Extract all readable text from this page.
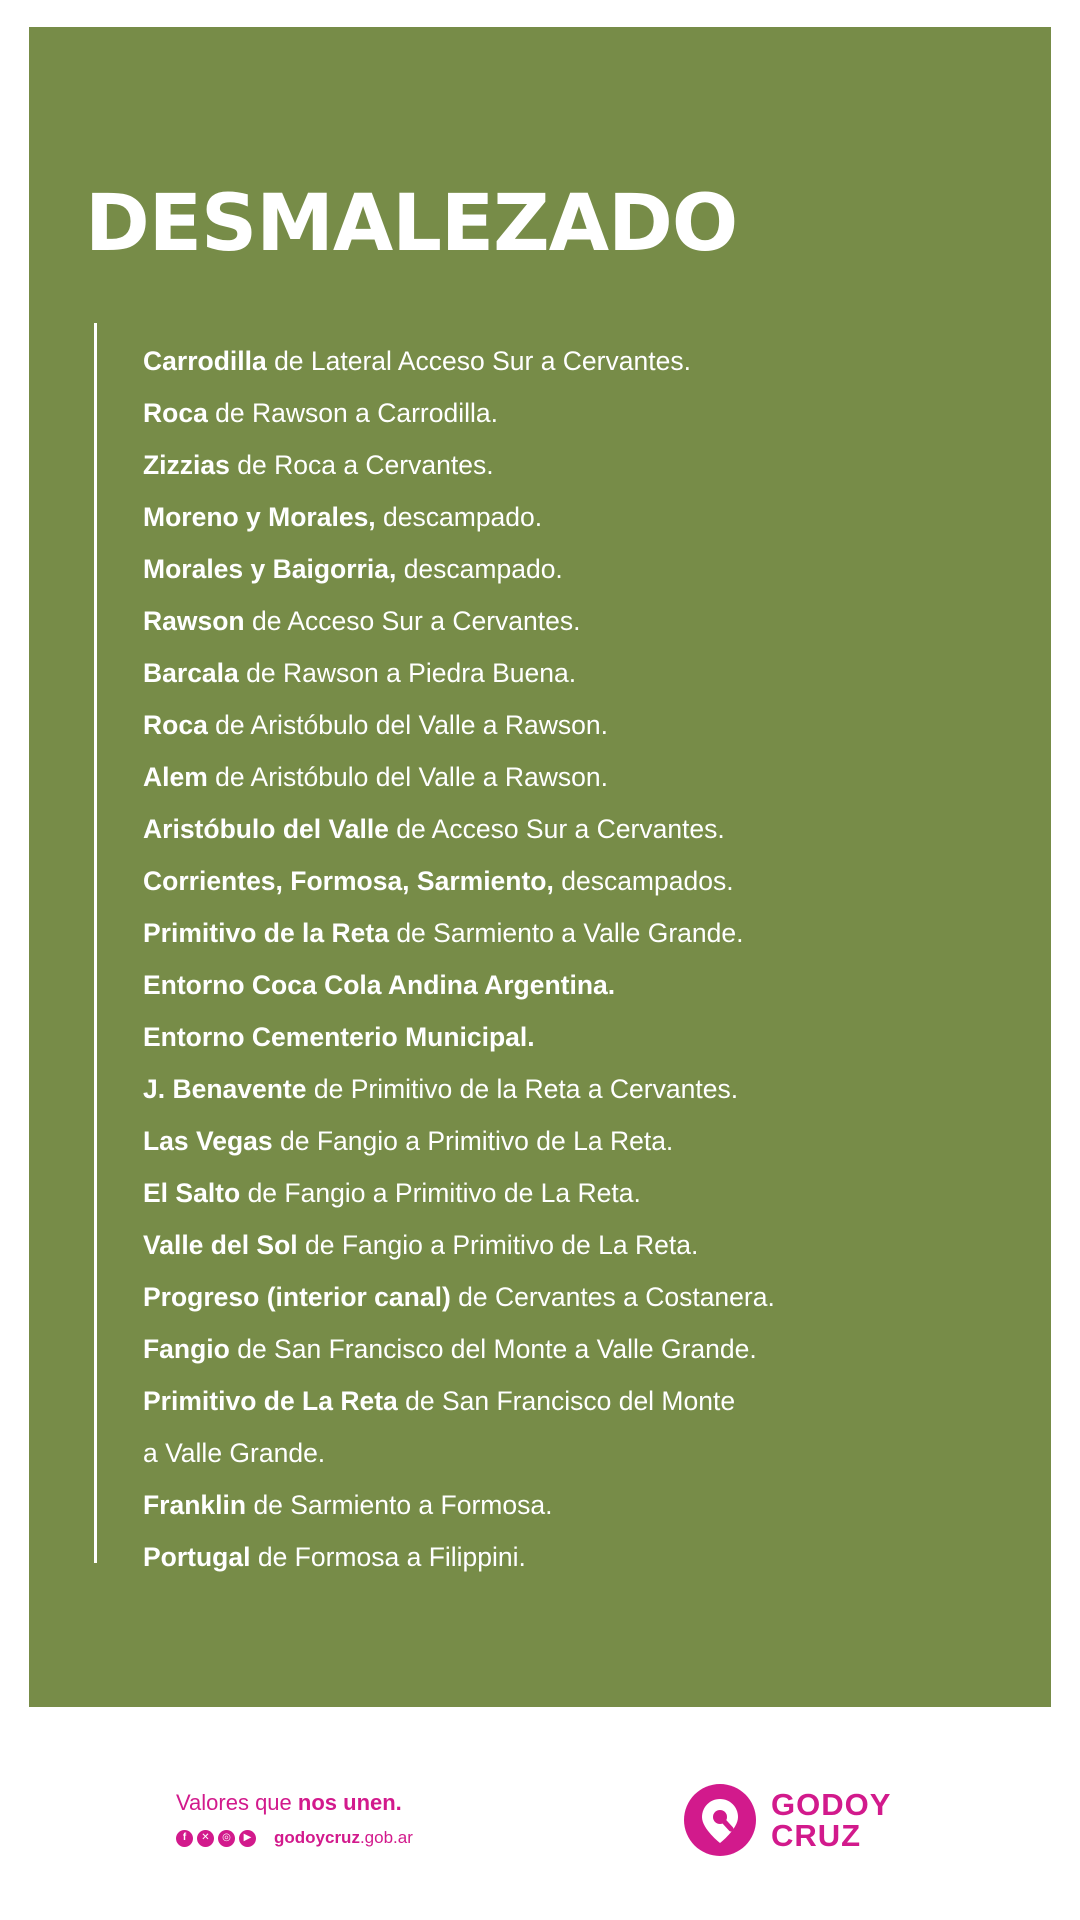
DESMALEZADO
Carrodilla de Lateral Acceso Sur a Cervantes.
Roca de Rawson a Carrodilla.
Zizzias de Roca a Cervantes.
Moreno y Morales, descampado.
Morales y Baigorria, descampado.
Rawson de Acceso Sur a Cervantes.
Barcala de Rawson a Piedra Buena.
Roca de Aristóbulo del Valle a Rawson.
Alem de Aristóbulo del Valle a Rawson.
Aristóbulo del Valle de Acceso Sur a Cervantes.
Corrientes, Formosa, Sarmiento, descampados.
Primitivo de la Reta de Sarmiento a Valle Grande.
Entorno Coca Cola Andina Argentina.
Entorno Cementerio Municipal.
J. Benavente de Primitivo de la Reta a Cervantes.
Las Vegas de Fangio a Primitivo de La Reta.
El Salto de Fangio a Primitivo de La Reta.
Valle del Sol de Fangio a Primitivo de La Reta.
Progreso (interior canal) de Cervantes a Costanera.
Fangio de San Francisco del Monte a Valle Grande.
Primitivo de La Reta de San Francisco del Monte
a Valle Grande.
Franklin de Sarmiento a Formosa.
Portugal de Formosa a Filippini.
Valores que nos unen.
f	✕	◎	▶ godoycruz.gob.ar
GODOY
CRUZ
